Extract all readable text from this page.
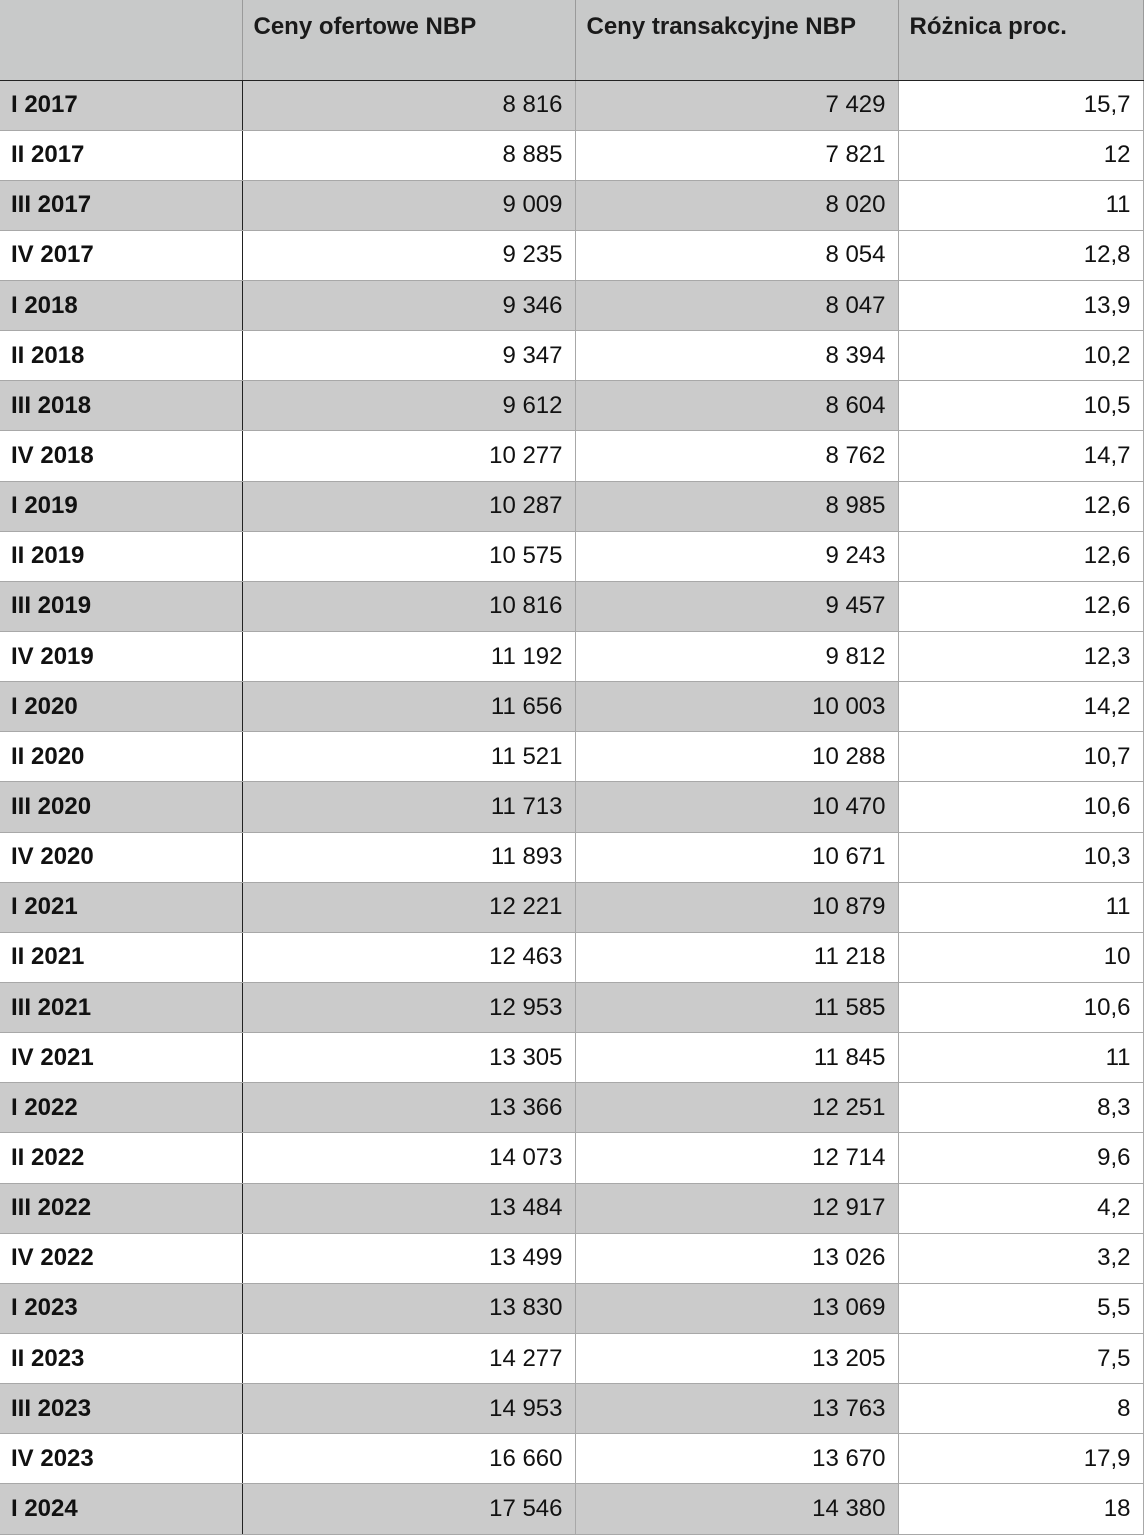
	Ceny ofertowe NBP	Ceny transakcyjne NBP	Różnica proc.
I 2017	8 816	7 429	15,7
II 2017	8 885	7 821	12
III 2017	9 009	8 020	11
IV 2017	9 235	8 054	12,8
I 2018	9 346	8 047	13,9
II 2018	9 347	8 394	10,2
III 2018	9 612	8 604	10,5
IV 2018	10 277	8 762	14,7
I 2019	10 287	8 985	12,6
II 2019	10 575	9 243	12,6
III 2019	10 816	9 457	12,6
IV 2019	11 192	9 812	12,3
I 2020	11 656	10 003	14,2
II 2020	11 521	10 288	10,7
III 2020	11 713	10 470	10,6
IV 2020	11 893	10 671	10,3
I 2021	12 221	10 879	11
II 2021	12 463	11 218	10
III 2021	12 953	11 585	10,6
IV 2021	13 305	11 845	11
I 2022	13 366	12 251	8,3
II 2022	14 073	12 714	9,6
III 2022	13 484	12 917	4,2
IV 2022	13 499	13 026	3,2
I 2023	13 830	13 069	5,5
II 2023	14 277	13 205	7,5
III 2023	14 953	13 763	8
IV 2023	16 660	13 670	17,9
I 2024	17 546	14 380	18
